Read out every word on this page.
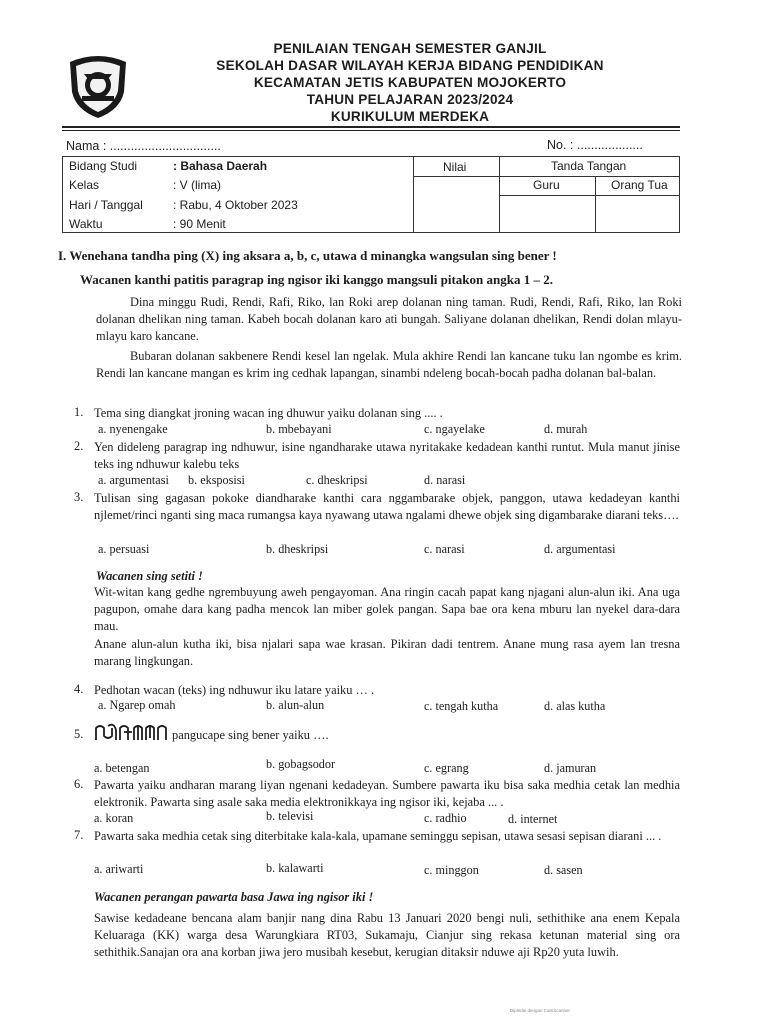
PENILAIAN TENGAH SEMESTER GANJIL
SEKOLAH DASAR WILAYAH KERJA BIDANG PENDIDIKAN
KECAMATAN JETIS KABUPATEN MOJOKERTO
TAHUN PELAJARAN 2023/2024
KURIKULUM MERDEKA
Nama : ................................	No. : ...................
Bidang Studi	: Bahasa Daerah
Kelas	: V (lima)
Hari / Tanggal	: Rabu, 4 Oktober 2023
Waktu	: 90 Menit
Nilai	Tanda Tangan
Guru	Orang Tua
I. Wenehana tandha ping (X) ing aksara a, b, c, utawa d minangka wangsulan sing bener !
Wacanen kanthi patitis paragrap ing ngisor iki kanggo mangsuli pitakon angka 1 – 2.
Dina minggu Rudi, Rendi, Rafi, Riko, lan Roki arep dolanan ning taman. Rudi, Rendi, Rafi, Riko, lan Roki dolanan dhelikan ning taman. Kabeh bocah dolanan karo ati bungah. Saliyane dolanan dhelikan, Rendi dolan mlayu-mlayu karo kancane.
Bubaran dolanan sakbenere Rendi kesel lan ngelak. Mula akhire Rendi lan kancane tuku lan ngombe es krim. Rendi lan kancane mangan es krim ing cedhak lapangan, sinambi ndeleng bocah-bocah padha dolanan bal-balan.
1. Tema sing diangkat jroning wacan ing dhuwur yaiku dolanan sing .... .
a. nyenengake	b. mbebayani	c. ngayelake	d. murah
2. Yen dideleng paragrap ing ndhuwur, isine ngandharake utawa nyritakake kedadean kanthi runtut. Mula manut jinise teks ing ndhuwur kalebu teks
a. argumentasi b. eksposisi	c. dheskripsi	d. narasi
3. Tulisan sing gagasan pokoke diandharake kanthi cara nggambarake objek, panggon, utawa kedadeyan kanthi njlemet/rinci nganti sing maca rumangsa kaya nyawang utawa ngalami dhewe objek sing digambarake diarani teks….
a. persuasi	b. dheskripsi	c. narasi	d. argumentasi
Wacanen sing setiti !
Wit-witan kang gedhe ngrembuyung aweh pengayoman. Ana ringin cacah papat kang njagani alun-alun iki. Ana uga pagupon, omahe dara kang padha mencok lan miber golek pangan. Sapa bae ora kena mburu lan nyekel dara-dara mau.
Anane alun-alun kutha iki, bisa njalari sapa wae krasan. Pikiran dadi tentrem. Anane mung rasa ayem lan tresna marang lingkungan.
4. Pedhotan wacan (teks) ing ndhuwur iku latare yaiku … .
a. Ngarep omah	b. alun-alun	c. tengah kutha	d. alas kutha
5.	pangucape sing bener yaiku ….
a. betengan	b. gobagsodor	c. egrang	d. jamuran
6. Pawarta yaiku andharan marang liyan ngenani kedadeyan. Sumbere pawarta iku bisa saka medhia cetak lan medhia elektronik. Pawarta sing asale saka media elektronikkaya ing ngisor iki, kejaba ... .
a. koran	b. televisi	c. radhio	d. internet
7. Pawarta saka medhia cetak sing diterbitake kala-kala, upamane seminggu sepisan, utawa sesasi sepisan diarani ... .
a. ariwarti	b. kalawarti	c. minggon	d. sasen
Wacanen perangan pawarta basa Jawa ing ngisor iki !
Sawise kedadeane bencana alam banjir nang dina Rabu 13 Januari 2020 bengi nuli, sethithike ana enem Kepala Keluaraga (KK) warga desa Warungkiara RT03, Sukamaju, Cianjur sing rekasa ketunan material sing ora sethithik.Sanajan ora ana korban jiwa jero musibah kesebut, kerugian ditaksir nduwe aji Rp20 yuta luwih.
Dipindai dengan CamScanner
